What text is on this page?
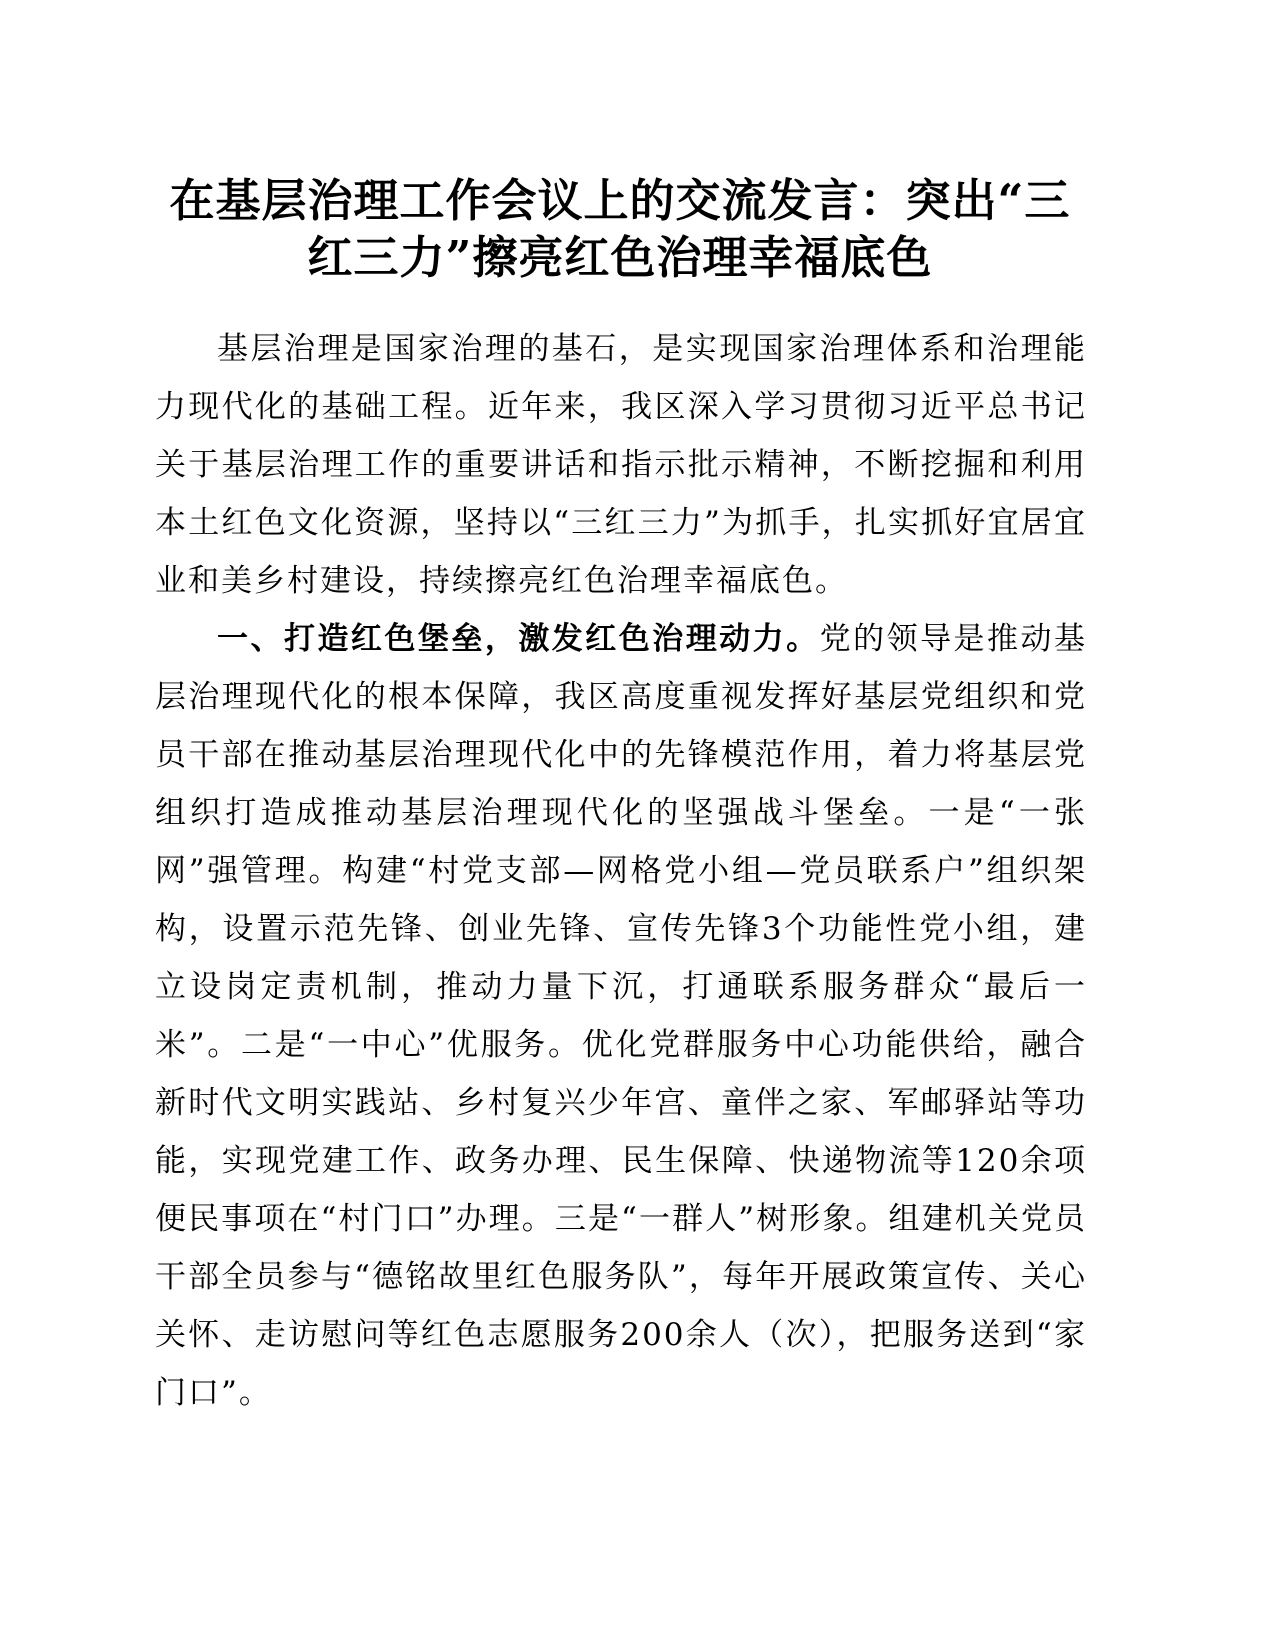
在基层治理工作会议上的交流发言：突出“三红三力”擦亮红色治理幸福底色

基层治理是国家治理的基石，是实现国家治理体系和治理能力现代化的基础工程。近年来，我区深入学习贯彻习近平总书记关于基层治理工作的重要讲话和指示批示精神，不断挖掘和利用本土红色文化资源，坚持以“三红三力”为抓手，扎实抓好宜居宜业和美乡村建设，持续擦亮红色治理幸福底色。

一、打造红色堡垒，激发红色治理动力。党的领导是推动基层治理现代化的根本保障，我区高度重视发挥好基层党组织和党员干部在推动基层治理现代化中的先锋模范作用，着力将基层党组织打造成推动基层治理现代化的坚强战斗堡垒。一是“一张网”强管理。构建“村党支部—网格党小组—党员联系户”组织架构，设置示范先锋、创业先锋、宣传先锋3个功能性党小组，建立设岗定责机制，推动力量下沉，打通联系服务群众“最后一米”。二是“一中心”优服务。优化党群服务中心功能供给，融合新时代文明实践站、乡村复兴少年宫、童伴之家、军邮驿站等功能，实现党建工作、政务办理、民生保障、快递物流等120余项便民事项在“村门口”办理。三是“一群人”树形象。组建机关党员干部全员参与“德铭故里红色服务队”，每年开展政策宣传、关心关怀、走访慰问等红色志愿服务200余人（次），把服务送到“家门口”。
